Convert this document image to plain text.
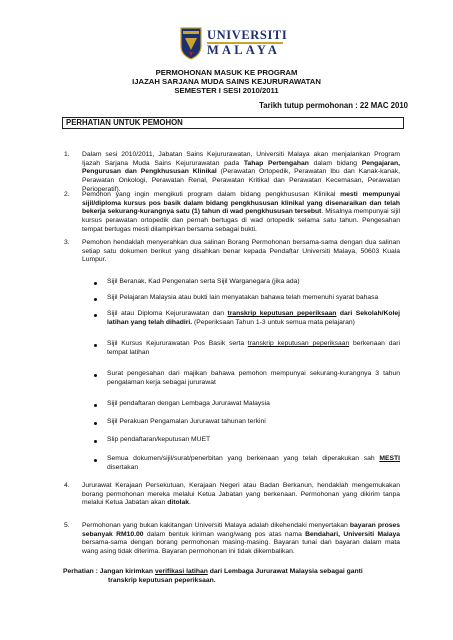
UNIVERSITI
MALAYA
PERMOHONAN MASUK KE PROGRAM
IJAZAH SARJANA MUDA SAINS KEJURURAWATAN
SEMESTER I SESI 2010/2011
Tarikh tutup permohonan : 22 MAC 2010
PERHATIAN UNTUK PEMOHON
1. Dalam sesi 2010/2011, Jabatan Sains Kejururawatan, Universiti Malaya akan menjalankan Program Ijazah Sarjana Muda Sains Kejururawatan pada Tahap Pertengahan dalam bidang Pengajaran, Pengurusan dan Pengkhususan Klinikal (Perawatan Ortopedik, Perawatan Ibu dan Kanak-kanak, Perawatan Onkologi, Perawatan Renal, Perawatan Kritikal dan Perawatan Kecemasan, Perawatan Perioperatif).
2. Pemohon yang ingin mengikuti program dalam bidang pengkhususan Klinikal mesti mempunyai sijil/diploma kursus pos basik dalam bidang pengkhususan klinikal yang disenaraikan dan telah bekerja sekurang-kurangnya satu (1) tahun di wad pengkhususan tersebut. Misalnya mempunyai sijil kursus perawatan ortopedik dan pernah bertugas di wad ortopedik selama satu tahun. Pengesahan tempat bertugas mesti dilampirkan bersama sebagai bukti.
3. Pemohon hendaklah menyerahkan dua salinan Borang Permohonan bersama-sama dengan dua salinan setiap satu dokumen berikut yang disahkan benar kepada Pendaftar Universiti Malaya, 50603 Kuala Lumpur.
Sijil Beranak, Kad Pengenalan serta Sijil Warganegara (jika ada)
Sijil Pelajaran Malaysia atau bukti lain menyatakan bahawa telah memenuhi syarat bahasa
Sijil atau Diploma Kejururawatan dan transkrip keputusan peperiksaan dari Sekolah/Kolej latihan yang telah dihadiri. (Peperiksaan Tahun 1-3 untuk semua mata pelajaran)
Sijil Kursus Kejururawatan Pos Basik serta transkrip keputusan peperiksaan berkenaan dari tempat latihan
Surat pengesahan dari majikan bahawa pemohon mempunyai sekurang-kurangnya 3 tahun pengalaman kerja sebagai jururawat
Sijil pendaftaran dengan Lembaga Jururawat Malaysia
Sijil Perakuan Pengamalan Jururawat tahunan terkini
Slip pendaftaran/keputusan MUET
Semua dokumen/sijil/surat/penerbitan yang berkenaan yang telah diperakukan sah MESTI disertakan
4. Jururawat Kerajaan Persekutuan, Kerajaan Negeri atau Badan Berkanun, hendaklah mengemukakan borang permohonan mereka melalui Ketua Jabatan yang berkenaan. Permohonan yang dikirim tanpa melalui Ketua Jabatan akan ditolak.
5. Permohonan yang bukan kakitangan Universiti Malaya adalah dikehendaki menyertakan bayaran proses sebanyak RM10.00 dalam bentuk kiriman wang/wang pos atas nama Bendahari, Universiti Malaya bersama-sama dengan borang permohonan masing-masing. Bayaran tunai dan bayaran dalam mata wang asing tidak diterima. Bayaran permohonan ini tidak dikembalikan.
Perhatian : Jangan kirimkan verifikasi latihan dari Lembaga Jururawat Malaysia sebagai ganti
transkrip keputusan peperiksaan.
